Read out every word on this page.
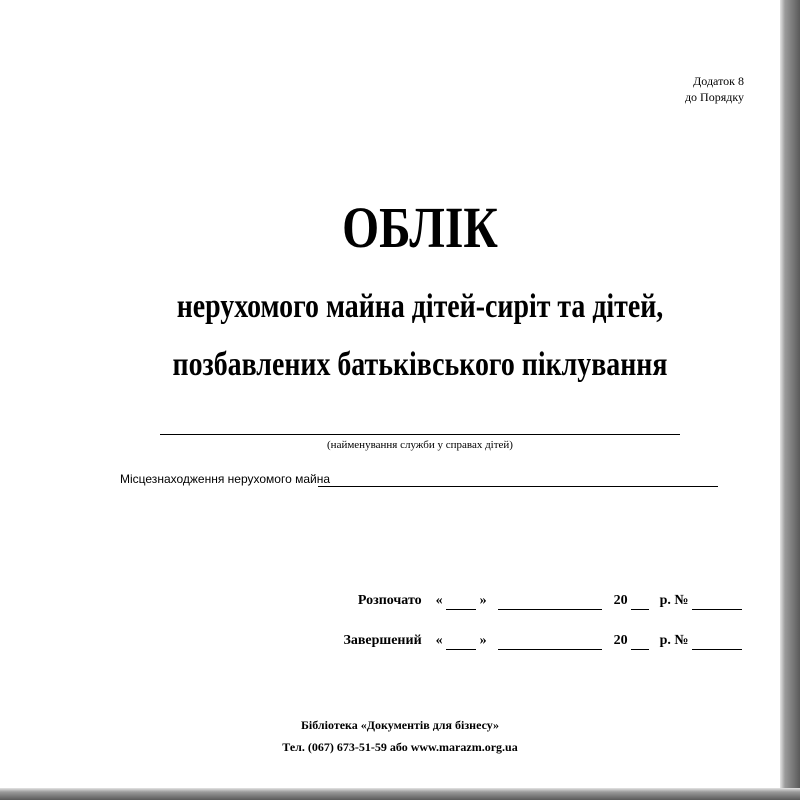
Додаток 8
до Порядку
ОБЛІК
нерухомого майна дітей-сиріт та дітей,
позбавлених батьківського піклування
(найменування служби у справах дітей)
Місцезнаходження нерухомого майна
Розпочато «	»	20 р. №
Завершений «	»	20 р. №
Бібліотека «Документів для бізнесу»
Тел. (067) 673-51-59 або www.marazm.org.ua
